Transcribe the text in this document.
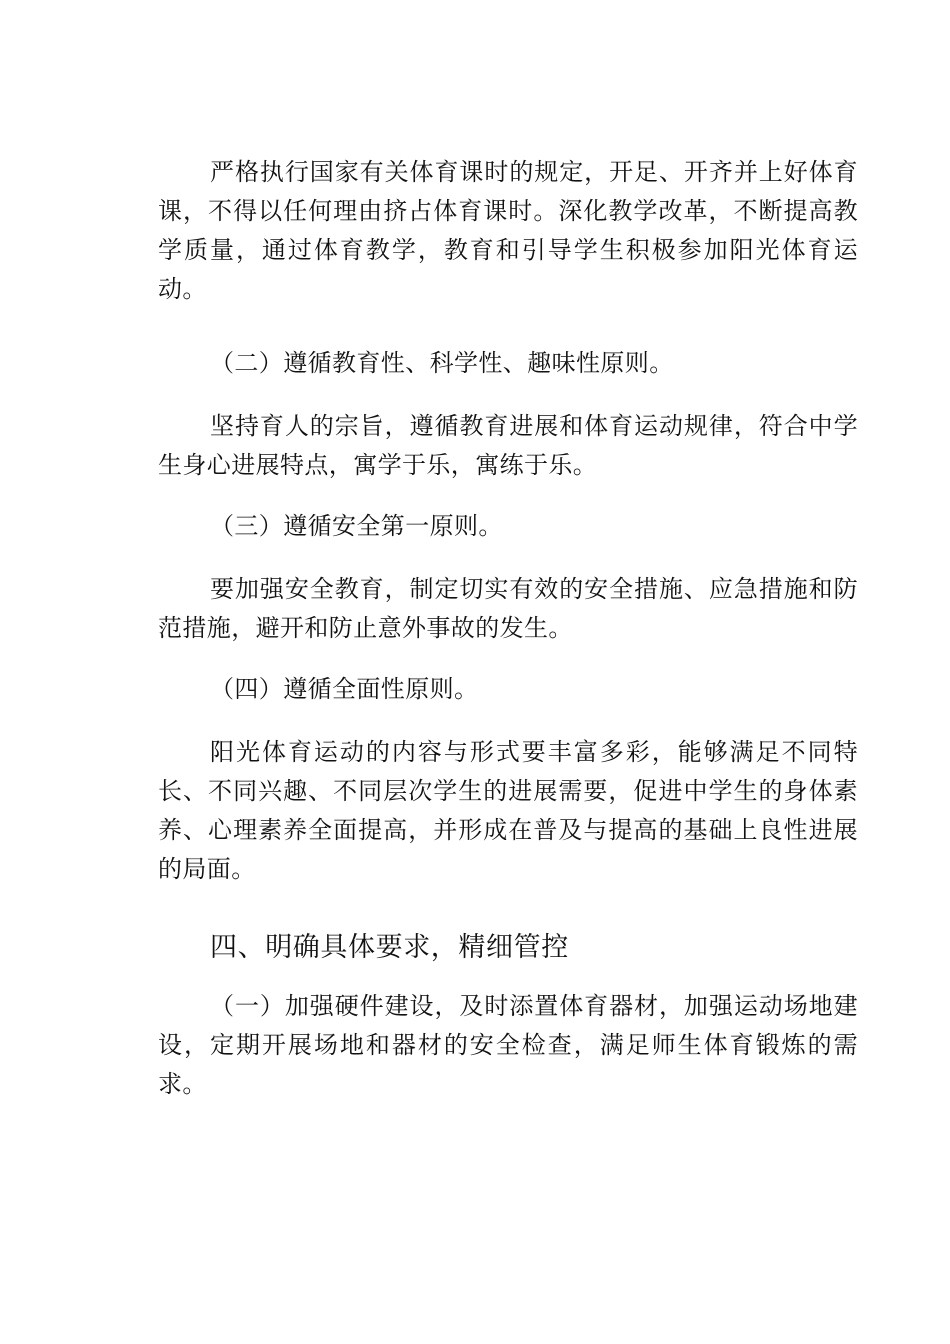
严格执行国家有关体育课时的规定，开足、开齐并上好体育课，不得以任何理由挤占体育课时。深化教学改革，不断提高教学质量，通过体育教学，教育和引导学生积极参加阳光体育运动。

（二）遵循教育性、科学性、趣味性原则。

坚持育人的宗旨，遵循教育进展和体育运动规律，符合中学生身心进展特点，寓学于乐，寓练于乐。

（三）遵循安全第一原则。

要加强安全教育，制定切实有效的安全措施、应急措施和防范措施，避开和防止意外事故的发生。

（四）遵循全面性原则。

阳光体育运动的内容与形式要丰富多彩，能够满足不同特长、不同兴趣、不同层次学生的进展需要，促进中学生的身体素养、心理素养全面提高，并形成在普及与提高的基础上良性进展的局面。

四、明确具体要求，精细管控

（一）加强硬件建设，及时添置体育器材，加强运动场地建设，定期开展场地和器材的安全检查，满足师生体育锻炼的需求。
